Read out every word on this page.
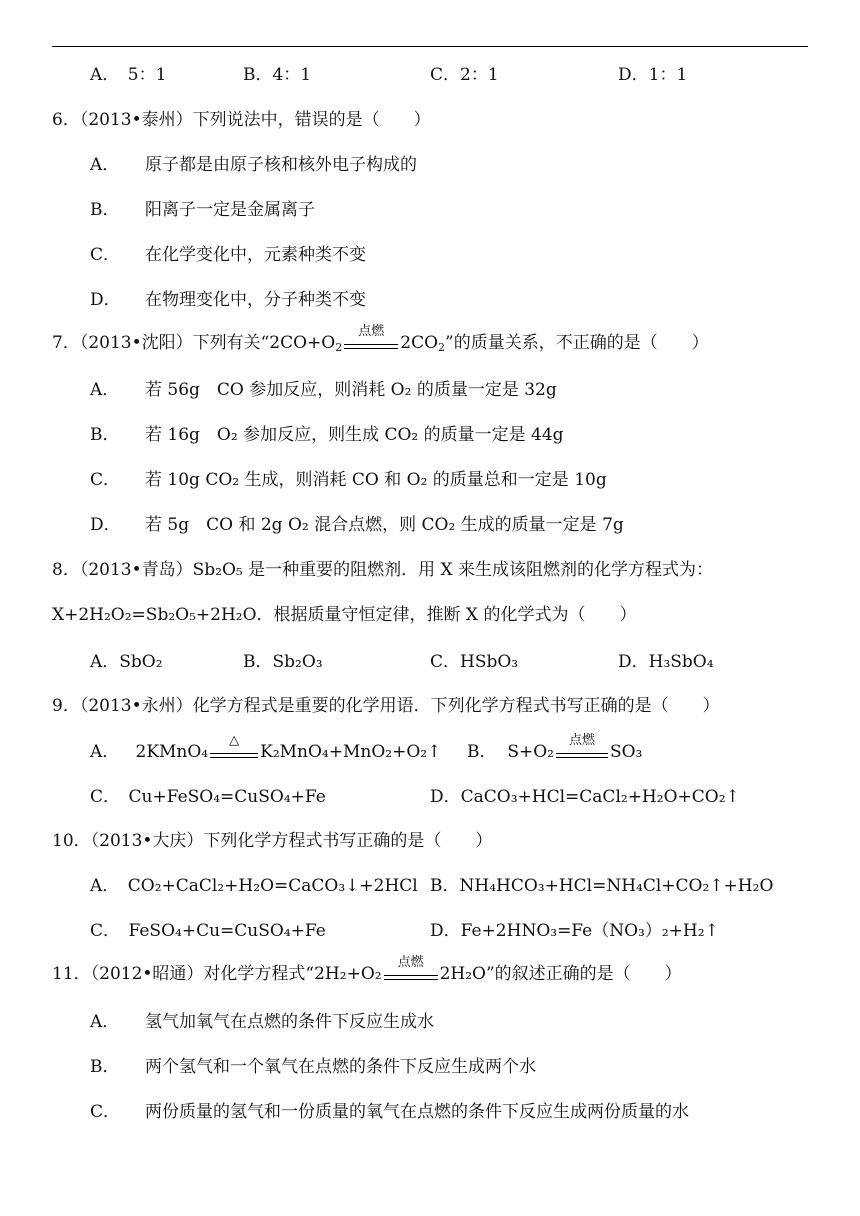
A．　5：1	B．4：1	C．2：1	D．1：1
6．（2013•泰州）下列说法中，错误的是（　　）
A．	原子都是由原子核和核外电子构成的
B．	阳离子一定是金属离子
C．	在化学变化中，元素种类不变
D．	在物理变化中，分子种类不变
7．（2013•沈阳）下列有关“$2CO+O_2$
点燃
$2CO_2$”的质量关系，不正确的是（　　）
A．	若 56g　CO 参加反应，则消耗 O₂ 的质量一定是 32g
B．	若 16g　O₂ 参加反应，则生成 CO₂ 的质量一定是 44g
C．	若 10g CO₂ 生成，则消耗 CO 和 O₂ 的质量总和一定是 10g
D．	若 5g　CO 和 2g O₂ 混合点燃，则 CO₂ 生成的质量一定是 7g
8．（2013•青岛）Sb₂O₅ 是一种重要的阻燃剂．用 X 来生成该阻燃剂的化学方程式为：
X+2H₂O₂=Sb₂O₅+2H₂O．根据质量守恒定律，推断 X 的化学式为（　　）
A．SbO₂	B．Sb₂O₃	C．HSbO₃	D．H₃SbO₄
9．（2013•永州）化学方程式是重要的化学用语．下列化学方程式书写正确的是（　　）
A． 2KMnO₄
△
K₂MnO₄+MnO₂+O₂↑ B． S+O₂
点燃
SO₃
C．　Cu+FeSO₄=CuSO₄+Fe	D．CaCO₃+HCl=CaCl₂+H₂O+CO₂↑
10．（2013•大庆）下列化学方程式书写正确的是（　　）
A．　CO₂+CaCl₂+H₂O=CaCO₃↓+2HCl B．NH₄HCO₃+HCl=NH₄Cl+CO₂↑+H₂O
C．　FeSO₄+Cu=CuSO₄+Fe	D．Fe+2HNO₃=Fe（NO₃）₂+H₂↑
11．（2012•昭通）对化学方程式“2H₂+O₂
点燃
2H₂O”的叙述正确的是（　　）
A．	氢气加氧气在点燃的条件下反应生成水
B．	两个氢气和一个氧气在点燃的条件下反应生成两个水
C．	两份质量的氢气和一份质量的氧气在点燃的条件下反应生成两份质量的水
